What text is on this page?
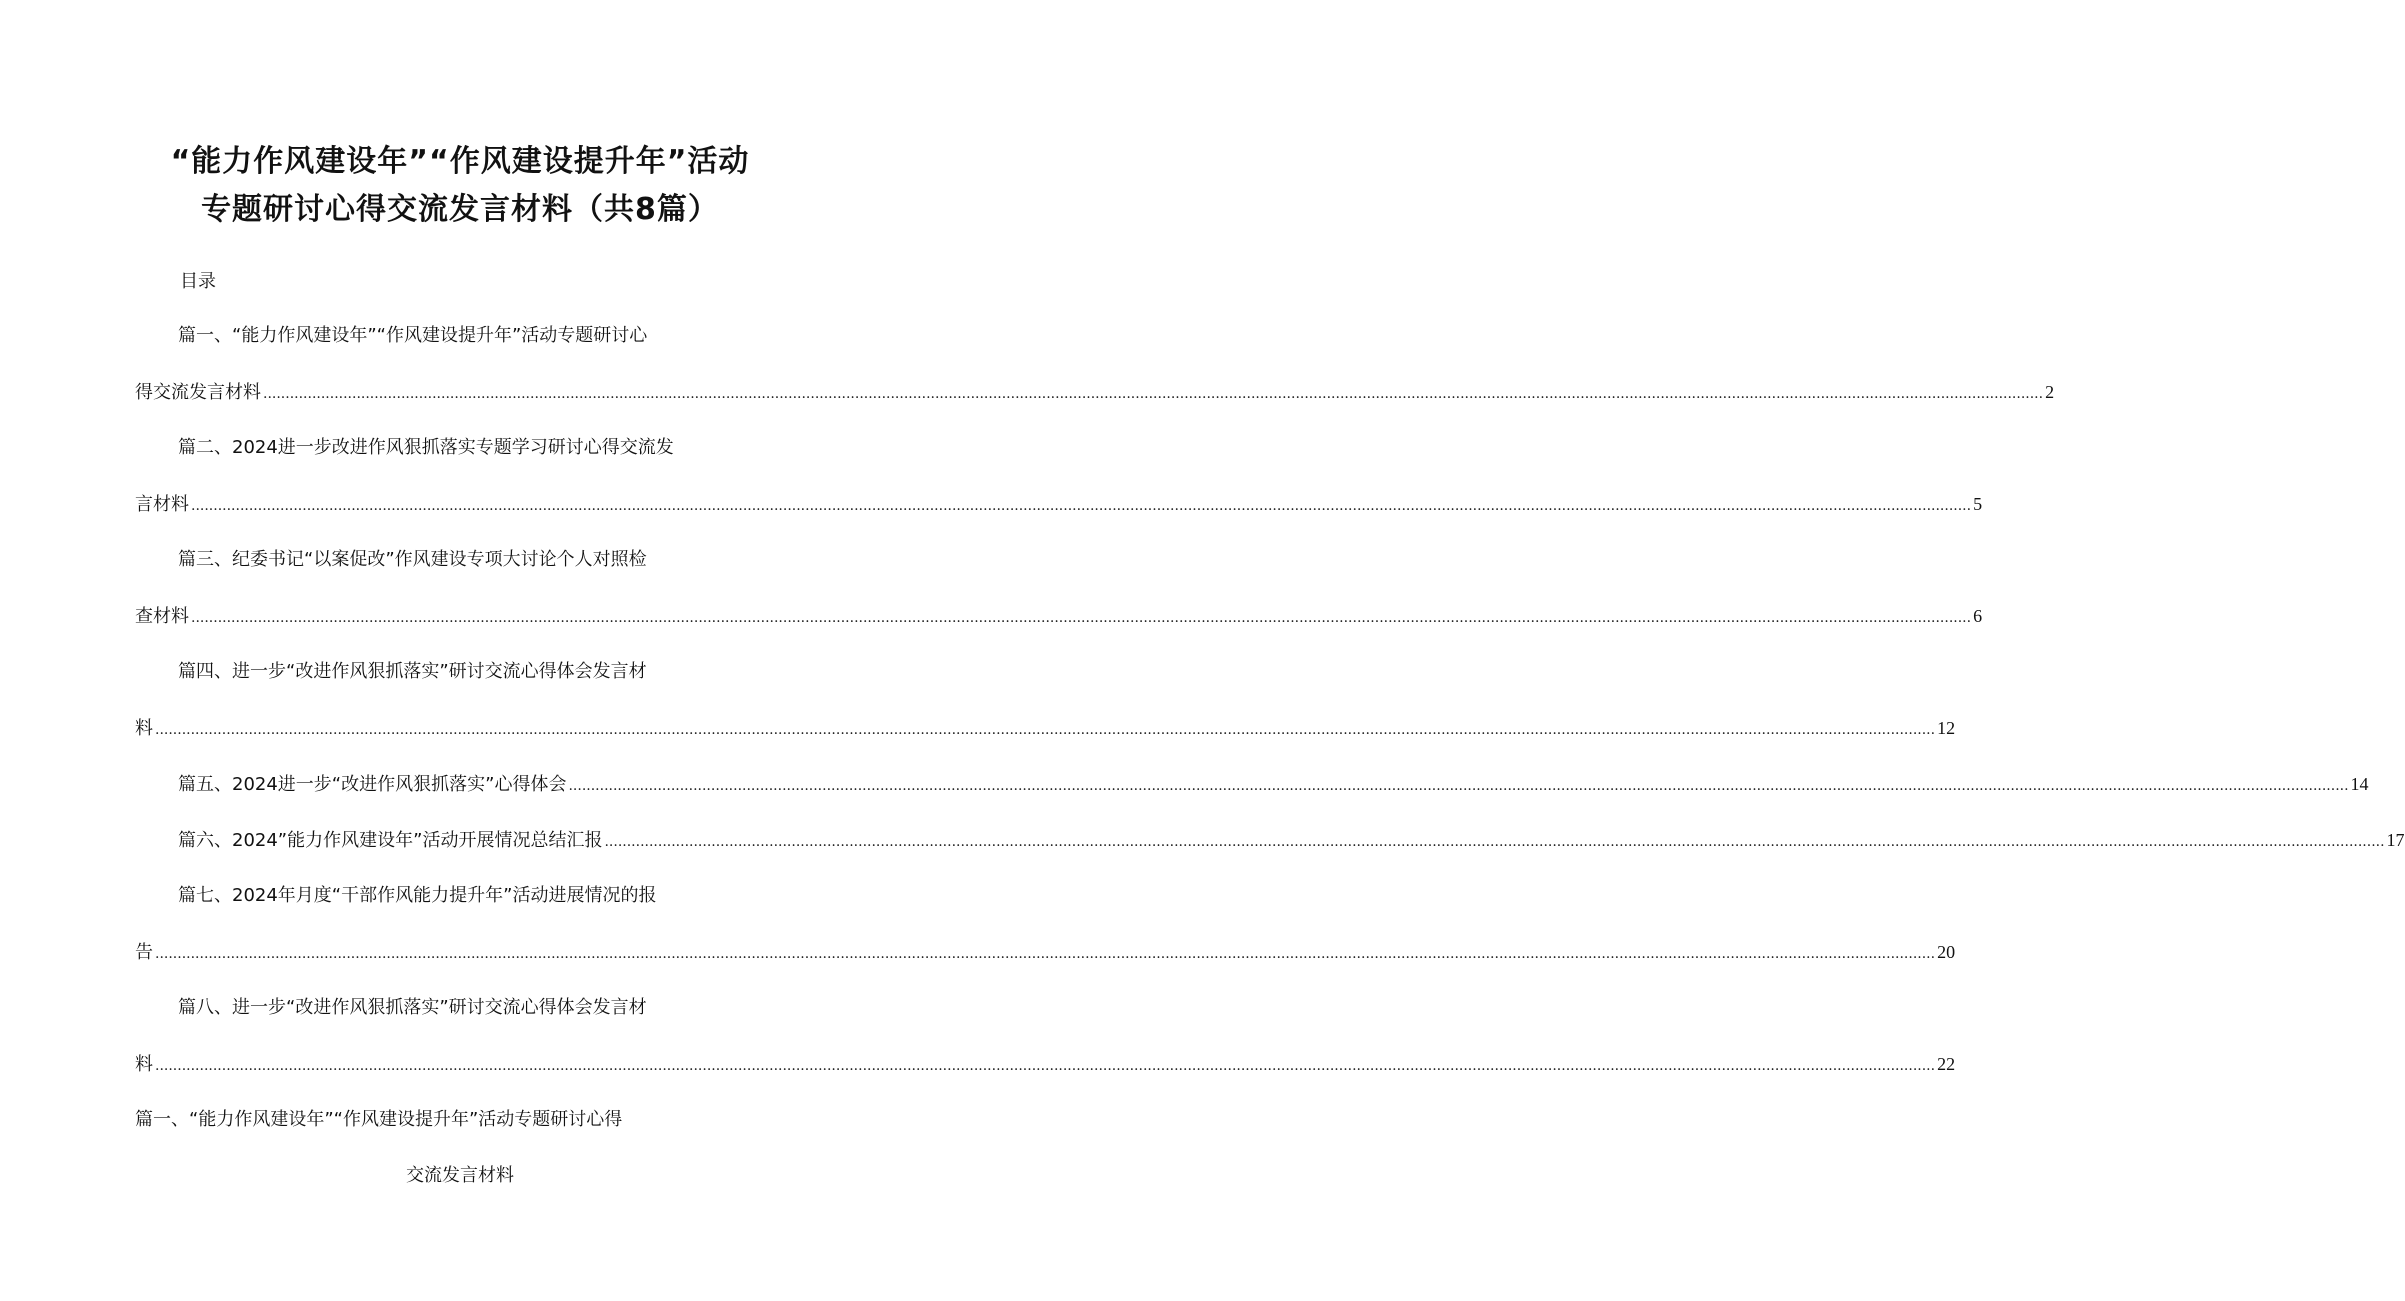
“能力作风建设年”“作风建设提升年”活动
专题研讨心得交流发言材料（共8篇）
目录
篇一、“能力作风建设年”“作风建设提升年”活动专题研讨心
得交流发言材料 ................................................................................................................................................................................................................................................................................................................................................................................................................ 2
篇二、2024进一步改进作风狠抓落实专题学习研讨心得交流发
言材料 ................................................................................................................................................................................................................................................................................................................................................................................................................ 5
篇三、纪委书记“以案促改”作风建设专项大讨论个人对照检
查材料 ................................................................................................................................................................................................................................................................................................................................................................................................................ 6
篇四、进一步“改进作风狠抓落实”研讨交流心得体会发言材
料 ................................................................................................................................................................................................................................................................................................................................................................................................................ 12
篇五、2024进一步“改进作风狠抓落实”心得体会 ................................................................................................................................................................................................................................................................................................................................................................................................................ 14
篇六、2024”能力作风建设年”活动开展情况总结汇报 ................................................................................................................................................................................................................................................................................................................................................................................................................ 17
篇七、2024年月度“干部作风能力提升年”活动进展情况的报
告 ................................................................................................................................................................................................................................................................................................................................................................................................................ 20
篇八、进一步“改进作风狠抓落实”研讨交流心得体会发言材
料 ................................................................................................................................................................................................................................................................................................................................................................................................................ 22
篇一、“能力作风建设年”“作风建设提升年”活动专题研讨心得
交流发言材料
